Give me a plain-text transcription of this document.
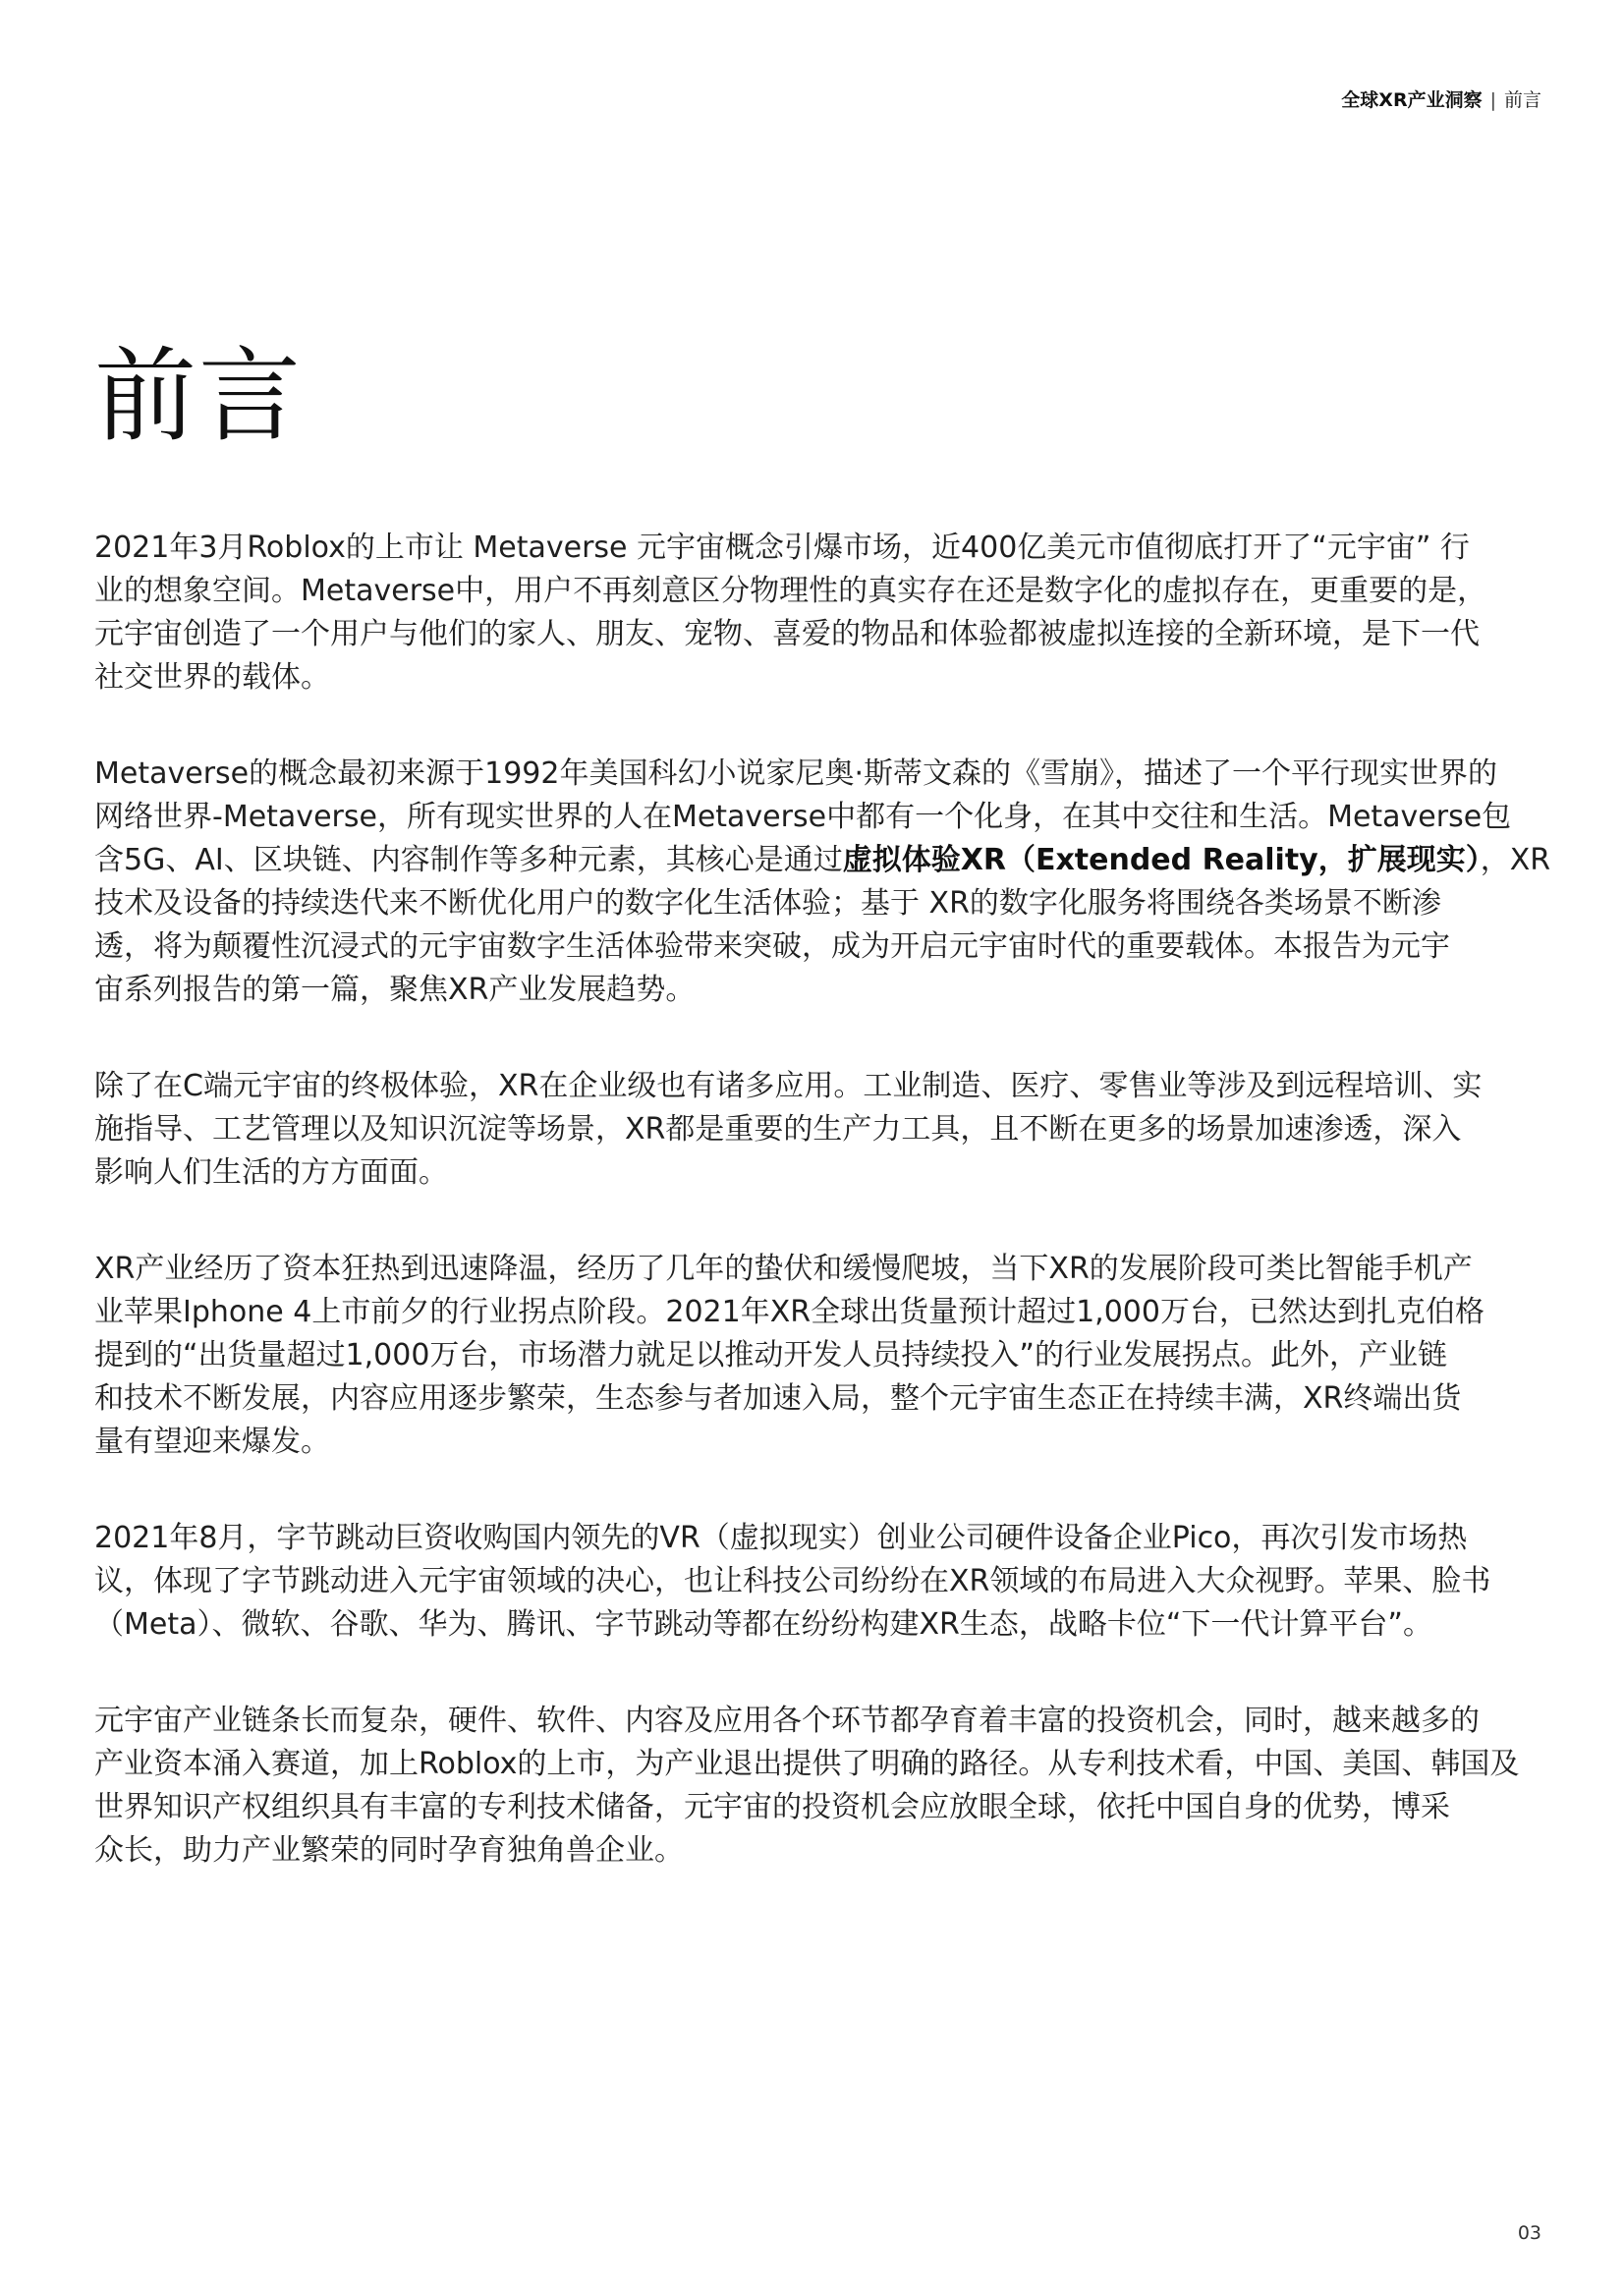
全球XR产业洞察 | 前言
前言

2021年3月Roblox的上市让 Metaverse 元宇宙概念引爆市场，近400亿美元市值彻底打开了“元宇宙” 行
业的想象空间。Metaverse中，用户不再刻意区分物理性的真实存在还是数字化的虚拟存在，更重要的是，
元宇宙创造了一个用户与他们的家人、朋友、宠物、喜爱的物品和体验都被虚拟连接的全新环境，是下一代
社交世界的载体。

Metaverse的概念最初来源于1992年美国科幻小说家尼奥·斯蒂文森的《雪崩》，描述了一个平行现实世界的
网络世界-Metaverse，所有现实世界的人在Metaverse中都有一个化身，在其中交往和生活。Metaverse包
含5G、AI、区块链、内容制作等多种元素，其核心是通过虚拟体验XR（Extended Reality，扩展现实），XR
技术及设备的持续迭代来不断优化用户的数字化生活体验；基于 XR的数字化服务将围绕各类场景不断渗
透，将为颠覆性沉浸式的元宇宙数字生活体验带来突破，成为开启元宇宙时代的重要载体。本报告为元宇
宙系列报告的第一篇，聚焦XR产业发展趋势。

除了在C端元宇宙的终极体验，XR在企业级也有诸多应用。工业制造、医疗、零售业等涉及到远程培训、实
施指导、工艺管理以及知识沉淀等场景，XR都是重要的生产力工具，且不断在更多的场景加速渗透，深入
影响人们生活的方方面面。

XR产业经历了资本狂热到迅速降温，经历了几年的蛰伏和缓慢爬坡，当下XR的发展阶段可类比智能手机产
业苹果Iphone 4上市前夕的行业拐点阶段。2021年XR全球出货量预计超过1,000万台，已然达到扎克伯格
提到的“出货量超过1,000万台，市场潜力就足以推动开发人员持续投入”的行业发展拐点。此外，产业链
和技术不断发展，内容应用逐步繁荣，生态参与者加速入局，整个元宇宙生态正在持续丰满，XR终端出货
量有望迎来爆发。

2021年8月，字节跳动巨资收购国内领先的VR（虚拟现实）创业公司硬件设备企业Pico，再次引发市场热
议，体现了字节跳动进入元宇宙领域的决心，也让科技公司纷纷在XR领域的布局进入大众视野。苹果、脸书
（Meta）、微软、谷歌、华为、腾讯、字节跳动等都在纷纷构建XR生态，战略卡位“下一代计算平台”。

元宇宙产业链条长而复杂，硬件、软件、内容及应用各个环节都孕育着丰富的投资机会，同时，越来越多的
产业资本涌入赛道，加上Roblox的上市，为产业退出提供了明确的路径。从专利技术看，中国、美国、韩国及
世界知识产权组织具有丰富的专利技术储备，元宇宙的投资机会应放眼全球，依托中国自身的优势，博采
众长，助力产业繁荣的同时孕育独角兽企业。

03
